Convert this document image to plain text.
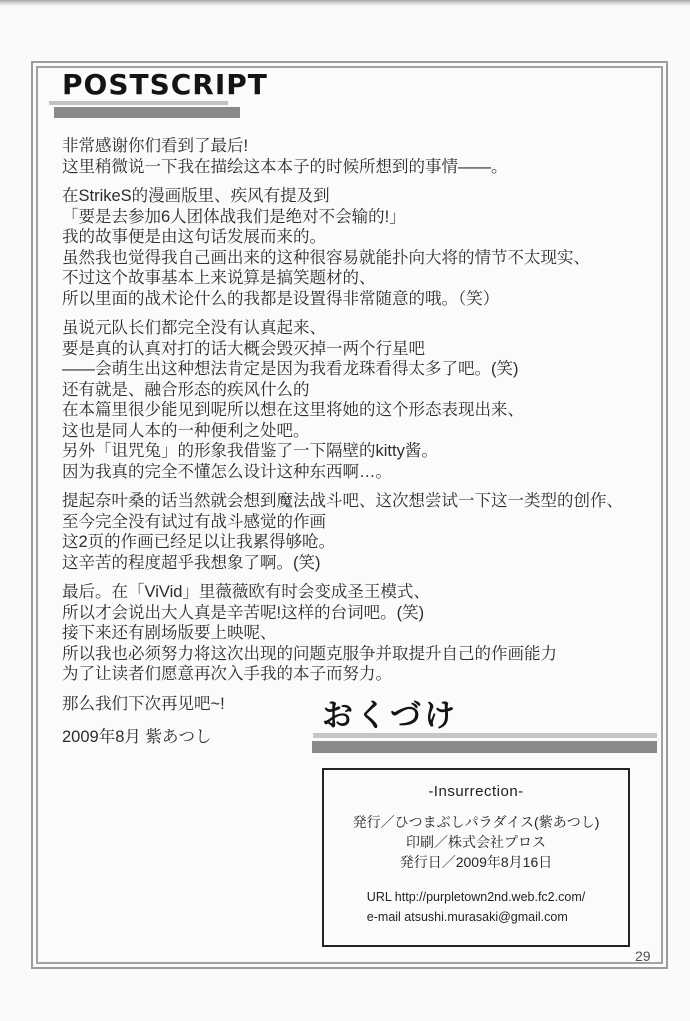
POSTSCRIPT
非常感谢你们看到了最后!
这里稍微说一下我在描绘这本本子的时候所想到的事情——。
在StrikeS的漫画版里、疾风有提及到
「要是去参加6人团体战我们是绝对不会输的!」
我的故事便是由这句话发展而来的。
虽然我也觉得我自己画出来的这种很容易就能扑向大将的情节不太现实、
不过这个故事基本上来说算是搞笑题材的、
所以里面的战术论什么的我都是设置得非常随意的哦。（笑）
虽说元队长们都完全没有认真起来、
要是真的认真对打的话大概会毁灭掉一两个行星吧
——会萌生出这种想法肯定是因为我看龙珠看得太多了吧。(笑)
还有就是、融合形态的疾风什么的
在本篇里很少能见到呢所以想在这里将她的这个形态表现出来、
这也是同人本的一种便利之处吧。
另外「诅咒兔」的形象我借鉴了一下隔壁的kitty酱。
因为我真的完全不懂怎么设计这种东西啊…。
提起奈叶桑的话当然就会想到魔法战斗吧、这次想尝试一下这一类型的创作、
至今完全没有试过有战斗感觉的作画
这2页的作画已经足以让我累得够呛。
这辛苦的程度超乎我想象了啊。(笑)
最后。在「ViVid」里薇薇欧有时会变成圣王模式、
所以才会说出大人真是辛苦呢!这样的台词吧。(笑)
接下来还有剧场版要上映呢、
所以我也必须努力将这次出现的问题克服争并取提升自己的作画能力
为了让读者们愿意再次入手我的本子而努力。
那么我们下次再见吧~!
2009年8月 紫あつし
おくづけ
-Insurrection-
発行／ひつまぶしパラダイス(紫あつし)
印刷／株式会社プロス
発行日／2009年8月16日
URL http://purpletown2nd.web.fc2.com/
e-mail atsushi.murasaki@gmail.com
29
